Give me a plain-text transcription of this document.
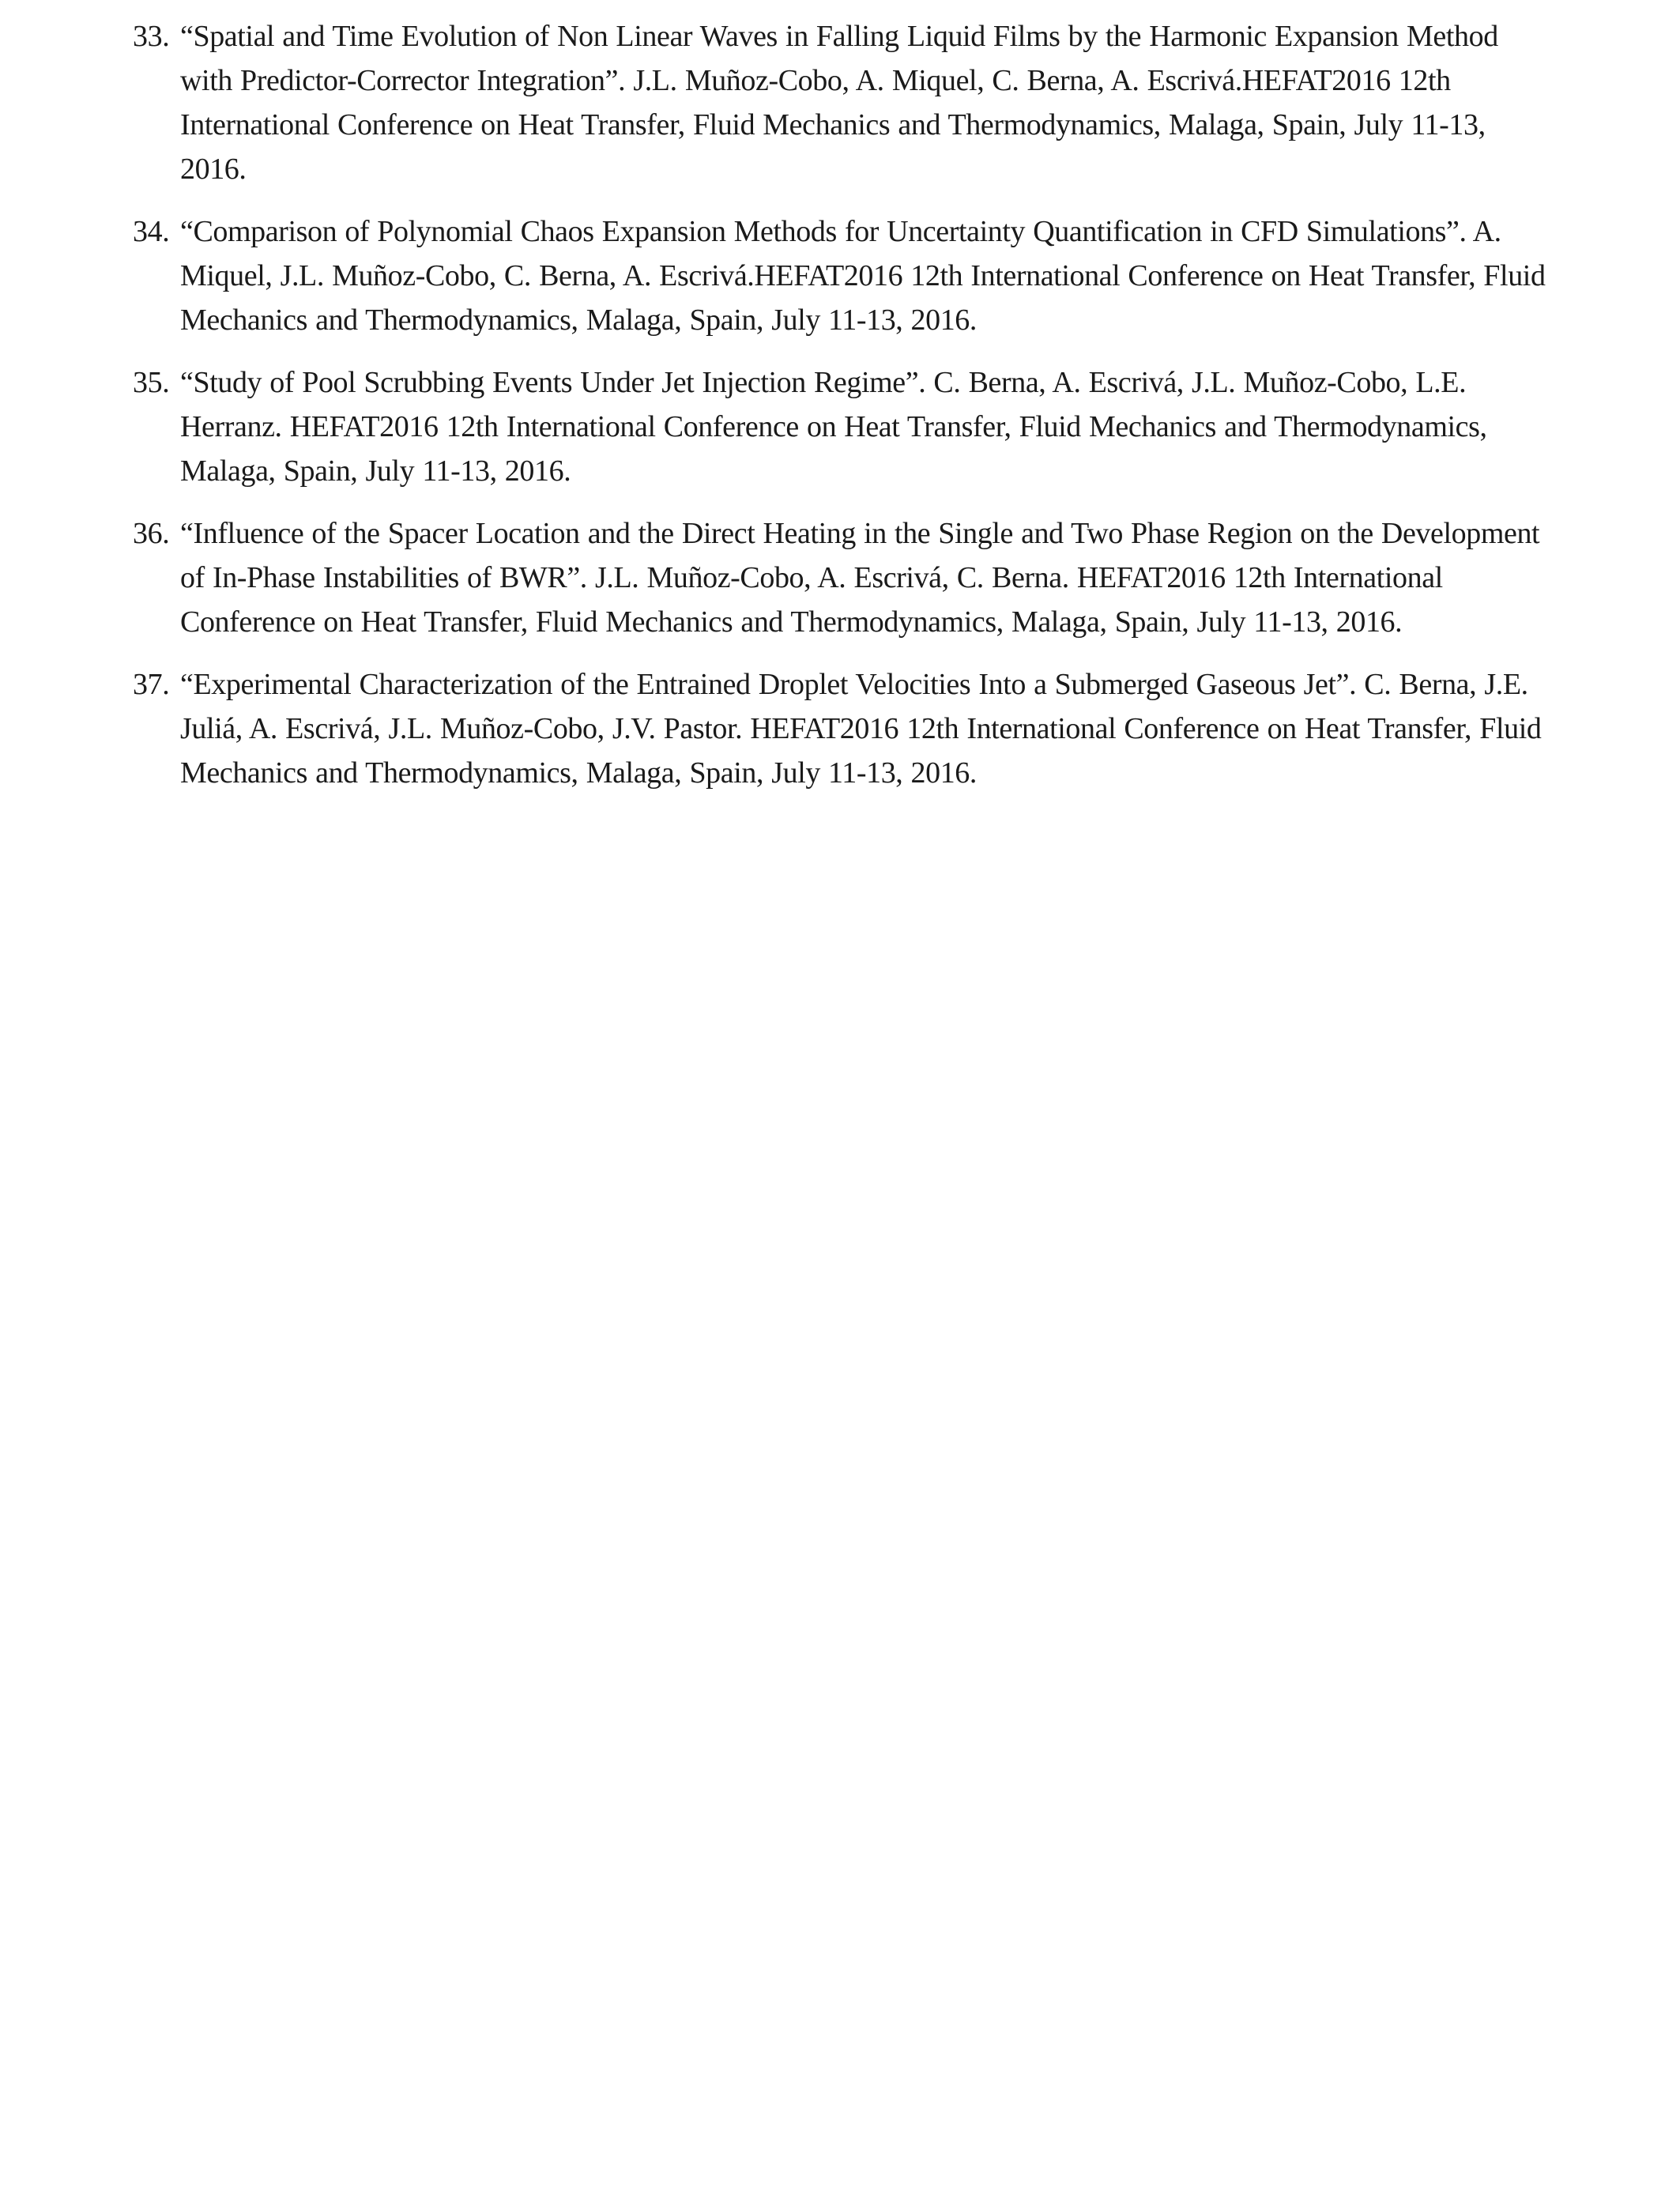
33. “Spatial and Time Evolution of Non Linear Waves in Falling Liquid Films by the Harmonic Expansion Method with Predictor-Corrector Integration”. J.L. Muñoz-Cobo, A. Miquel, C. Berna, A. Escrivá.HEFAT2016 12th International Conference on Heat Transfer, Fluid Mechanics and Thermodynamics, Malaga, Spain, July 11-13, 2016.
34. “Comparison of Polynomial Chaos Expansion Methods for Uncertainty Quantification in CFD Simulations”. A. Miquel, J.L. Muñoz-Cobo, C. Berna, A. Escrivá.HEFAT2016 12th International Conference on Heat Transfer, Fluid Mechanics and Thermodynamics, Malaga, Spain, July 11-13, 2016.
35. “Study of Pool Scrubbing Events Under Jet Injection Regime”. C. Berna, A. Escrivá, J.L. Muñoz-Cobo, L.E. Herranz. HEFAT2016 12th International Conference on Heat Transfer, Fluid Mechanics and Thermodynamics, Malaga, Spain, July 11-13, 2016.
36. “Influence of the Spacer Location and the Direct Heating in the Single and Two Phase Region on the Development of In-Phase Instabilities of BWR”. J.L. Muñoz-Cobo, A. Escrivá, C. Berna. HEFAT2016 12th International Conference on Heat Transfer, Fluid Mechanics and Thermodynamics, Malaga, Spain, July 11-13, 2016.
37. “Experimental Characterization of the Entrained Droplet Velocities Into a Submerged Gaseous Jet”. C. Berna, J.E. Juliá, A. Escrivá, J.L. Muñoz-Cobo, J.V. Pastor. HEFAT2016 12th International Conference on Heat Transfer, Fluid Mechanics and Thermodynamics, Malaga, Spain, July 11-13, 2016.
